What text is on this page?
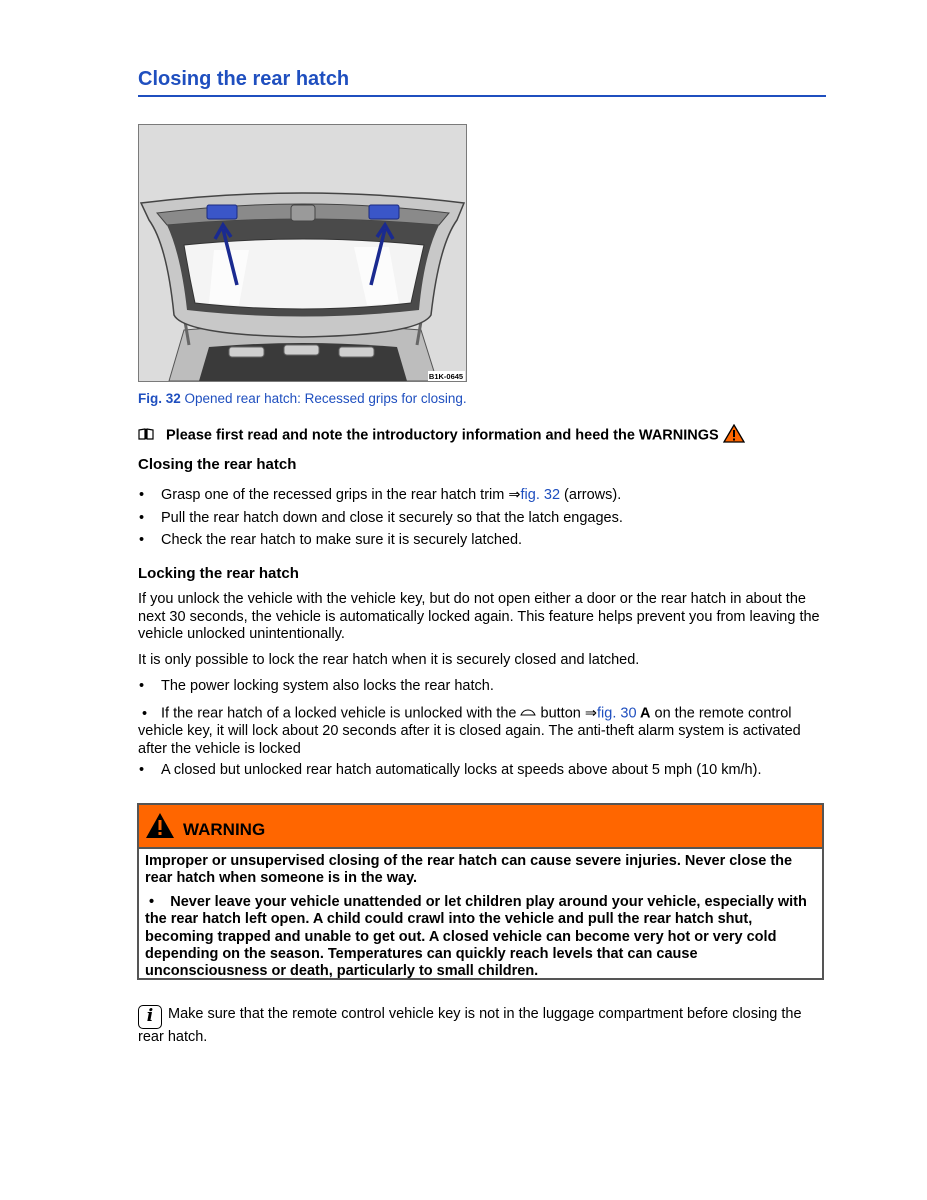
Closing the rear hatch
B1K-0645
Fig. 32 Opened rear hatch: Recessed grips for closing.
Please first read and note the introductory information and heed the WARNINGS
Closing the rear hatch
• Grasp one of the recessed grips in the rear hatch trim ⇒fig. 32 (arrows).
• Pull the rear hatch down and close it securely so that the latch engages.
• Check the rear hatch to make sure it is securely latched.
Locking the rear hatch

If you unlock the vehicle with the vehicle key, but do not open either a door or the rear hatch in about the next 30 seconds, the vehicle is automatically locked again. This feature helps prevent you from leaving the vehicle unlocked unintentionally.

It is only possible to lock the rear hatch when it is securely closed and latched.

• The power locking system also locks the rear hatch.
• If the rear hatch of a locked vehicle is unlocked with the  button ⇒fig. 30 A on the remote control vehicle key, it will lock about 20 seconds after it is closed again. The anti-theft alarm system is activated after the vehicle is locked
• A closed but unlocked rear hatch automatically locks at speeds above about 5 mph (10 km/h).
WARNING

Improper or unsupervised closing of the rear hatch can cause severe injuries. Never close the rear hatch when someone is in the way.

•    Never leave your vehicle unattended or let children play around your vehicle, especially with the rear hatch left open. A child could crawl into the vehicle and pull the rear hatch shut, becoming trapped and unable to get out. A closed vehicle can become very hot or very cold depending on the season. Temperatures can quickly reach levels that can cause unconsciousness or death, particularly to small children.

i Make sure that the remote control vehicle key is not in the luggage compartment before closing the rear hatch.
